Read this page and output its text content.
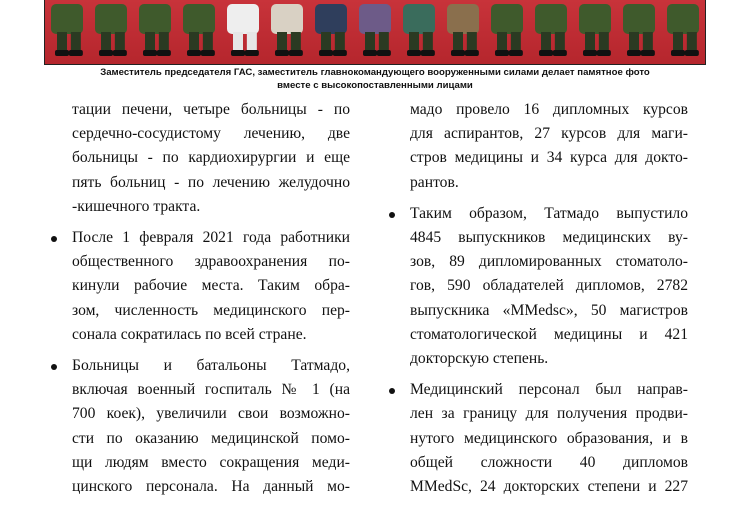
Заместитель председателя ГАС, заместитель главнокомандующего вооруженными силами делает памятное фото
вместе с высокопоставленными лицами
тации печени, четыре больницы - по
сердечно-сосудистому лечению, две
больницы - по кардиохирургии и еще
пять больниц - по лечению желудочно
-кишечного тракта.
После 1 февраля 2021 года работники
общественного здравоохранения по-
кинули рабочие места. Таким обра-
зом, численность медицинского пер-
сонала сократилась по всей стране.
Больницы и батальоны Татмадо,
включая военный госпиталь № 1 (на
700 коек), увеличили свои возможно-
сти по оказанию медицинской помо-
щи людям вместо сокращения меди-
цинского персонала. На данный мо-
мадо провело 16 дипломных курсов
для аспирантов, 27 курсов для маги-
стров медицины и 34 курса для докто-
рантов.
Таким образом, Татмадо выпустило
4845 выпускников медицинских ву-
зов, 89 дипломированных стоматоло-
гов, 590 обладателей дипломов, 2782
выпускника «MMedsc», 50 магистров
стоматологической медицины и 421
докторскую степень.
Медицинский персонал был направ-
лен за границу для получения продви-
нутого медицинского образования, и в
общей сложности 40 дипломов
MMedSc, 24 докторских степени и 227
